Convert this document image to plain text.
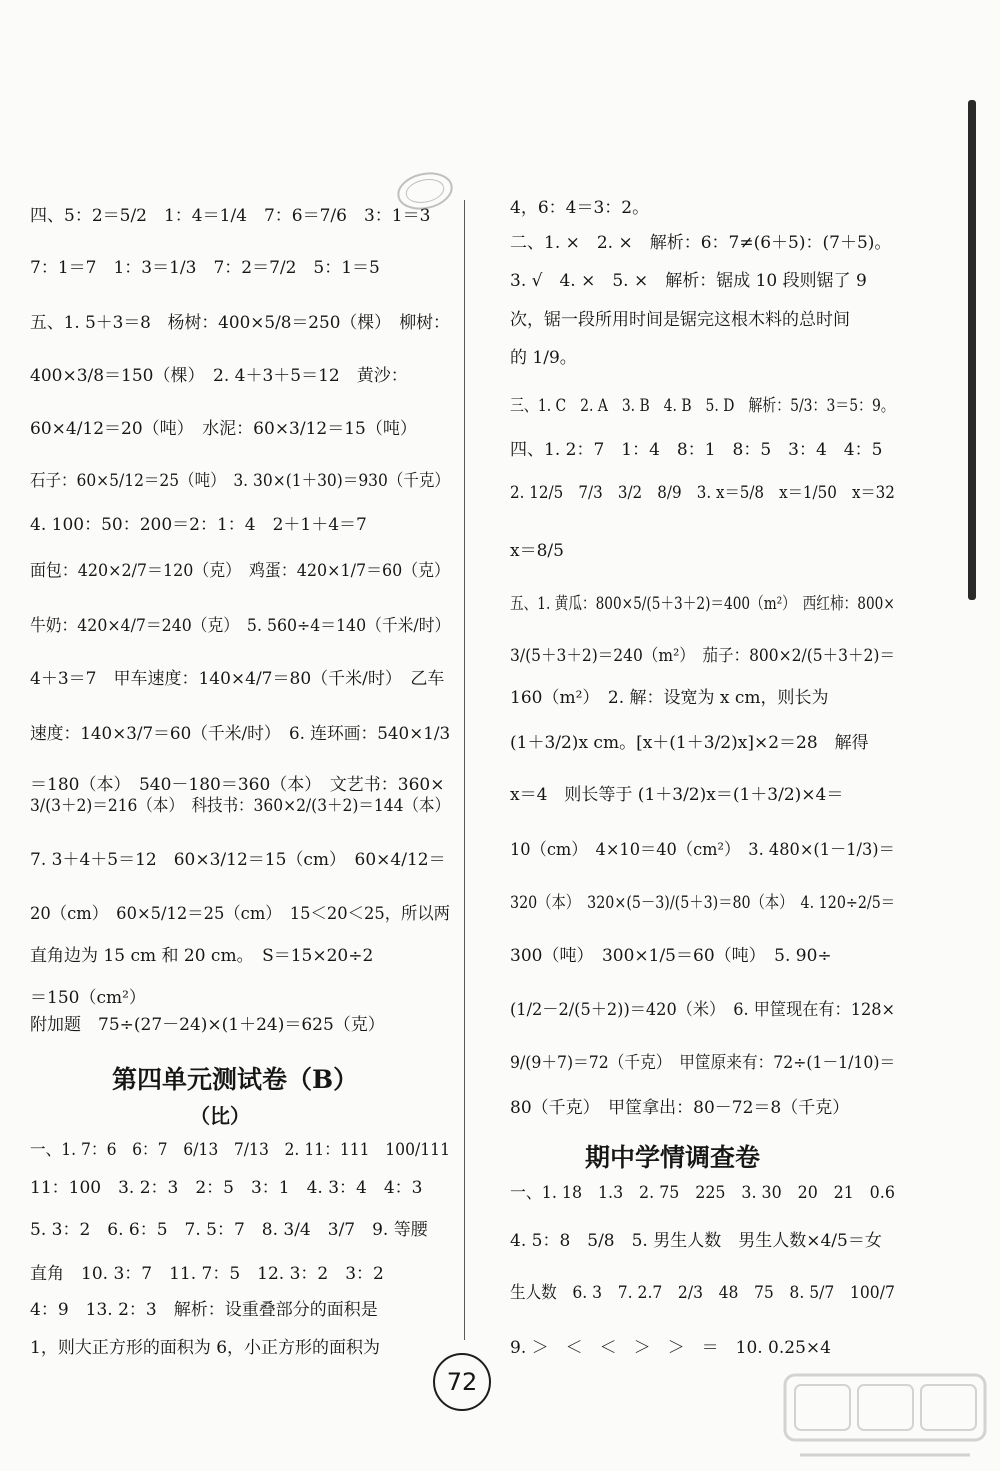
四、5：2＝5/2　1：4＝1/4　7：6＝7/6　3：1＝3
7：1＝7　1：3＝1/3　7：2＝7/2　5：1＝5
五、1. 5＋3＝8　杨树：400×5/8＝250（棵）　柳树：
400×3/8＝150（棵）　2. 4＋3＋5＝12　黄沙：
60×4/12＝20（吨）　水泥：60×3/12＝15（吨）
石子：60×5/12＝25（吨）　3. 30×(1＋30)＝930（千克）
4. 100：50：200＝2：1：4　2＋1＋4＝7
面包：420×2/7＝120（克）　鸡蛋：420×1/7＝60（克）
牛奶：420×4/7＝240（克）　5. 560÷4＝140（千米/时）
4＋3＝7　甲车速度：140×4/7＝80（千米/时）　乙车
速度：140×3/7＝60（千米/时）　6. 连环画：540×1/3
＝180（本）　540－180＝360（本）　文艺书：360×
3/(3＋2)＝216（本）　科技书：360×2/(3＋2)＝144（本）
7. 3＋4＋5＝12　60×3/12＝15（cm）　60×4/12＝
20（cm）　60×5/12＝25（cm）　15＜20＜25，所以两
直角边为 15 cm 和 20 cm。　S＝15×20÷2
＝150（cm²）
附加题　75÷(27－24)×(1＋24)＝625（克）
第四单元测试卷（B）
（比）
一、1. 7：6　6：7　6/13　7/13　2. 11：111　100/111
11：100　3. 2：3　2：5　3：1　4. 3：4　4：3
5. 3：2　6. 6：5　7. 5：7　8. 3/4　3/7　9. 等腰
直角　10. 3：7　11. 7：5　12. 3：2　3：2
4：9　13. 2：3　解析：设重叠部分的面积是
1，则大正方形的面积为 6，小正方形的面积为
4，6：4＝3：2。
二、1. ×　2. ×　解析：6：7≠(6＋5)：(7＋5)。
3. √　4. ×　5. ×　解析：锯成 10 段则锯了 9
次，锯一段所用时间是锯完这根木料的总时间
的 1/9。
三、1. C　2. A　3. B　4. B　5. D　解析：5/3：3＝5：9。
四、1. 2：7　1：4　8：1　8：5　3：4　4：5
2. 12/5　7/3　3/2　8/9　3. x＝5/8　x＝1/50　x＝32
x＝8/5
五、1. 黄瓜：800×5/(5＋3＋2)＝400（m²）　西红柿：800×
3/(5＋3＋2)＝240（m²）　茄子：800×2/(5＋3＋2)＝
160（m²）　2. 解：设宽为 x cm，则长为
(1＋3/2)x cm。[x＋(1＋3/2)x]×2＝28　解得
x＝4　则长等于 (1＋3/2)x＝(1＋3/2)×4＝
10（cm）　4×10＝40（cm²）　3. 480×(1－1/3)＝
320（本）　320×(5－3)/(5＋3)＝80（本）　4. 120÷2/5＝
300（吨）　300×1/5＝60（吨）　5. 90÷
(1/2－2/(5＋2))＝420（米）　6. 甲筐现在有：128×
9/(9＋7)＝72（千克）　甲筐原来有：72÷(1－1/10)＝
80（千克）　甲筐拿出：80－72＝8（千克）
期中学情调查卷
一、1. 18　1.3　2. 75　225　3. 30　20　21　0.6
4. 5：8　5/8　5. 男生人数　男生人数×4/5＝女
生人数　6. 3　7. 2.7　2/3　48　75　8. 5/7　100/7
9. ＞　＜　＜　＞　＞　＝　10. 0.25×4
72
